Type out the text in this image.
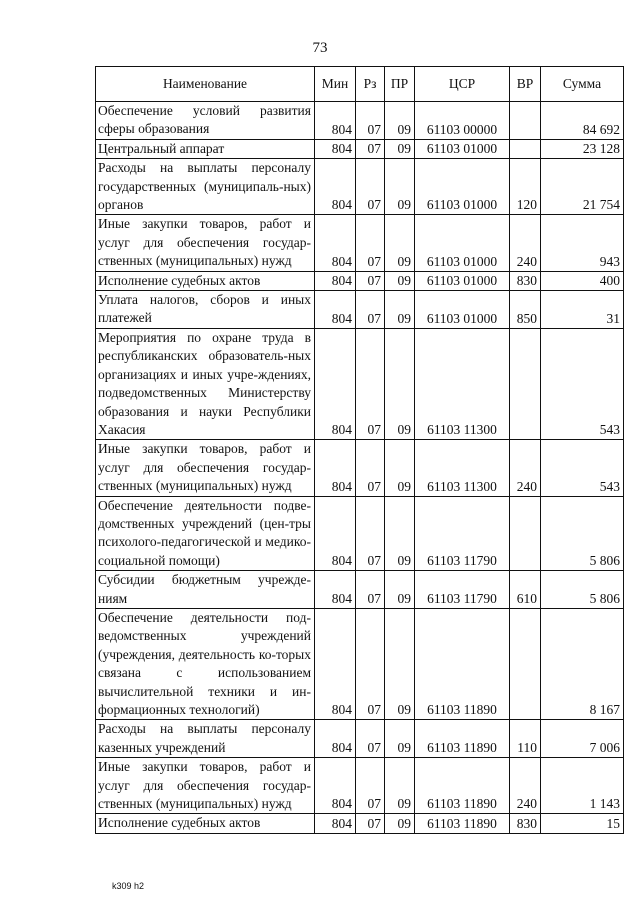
73
Наименование	Мин	Рз	ПР	ЦСР	ВР	Сумма
Обеспечение условий развития сферы образования	804	07	09	61103 00000		84 692
Центральный аппарат	804	07	09	61103 01000		23 128
Расходы на выплаты персоналу государственных (муниципаль-ных) органов	804	07	09	61103 01000	120	21 754
Иные закупки товаров, работ и услуг для обеспечения государ-ственных (муниципальных) нужд	804	07	09	61103 01000	240	943
Исполнение судебных актов	804	07	09	61103 01000	830	400
Уплата налогов, сборов и иных платежей	804	07	09	61103 01000	850	31
Мероприятия по охране труда в республиканских образователь-ных организациях и иных учре-ждениях, подведомственных Министерству образования и науки Республики Хакасия	804	07	09	61103 11300		543
Иные закупки товаров, работ и услуг для обеспечения государ-ственных (муниципальных) нужд	804	07	09	61103 11300	240	543
Обеспечение деятельности подве-домственных учреждений (цен-тры психолого-педагогической и медико-социальной помощи)	804	07	09	61103 11790		5 806
Субсидии бюджетным учрежде-ниям	804	07	09	61103 11790	610	5 806
Обеспечение деятельности под-ведомственных учреждений (учреждения, деятельность ко-торых связана с использованием вычислительной техники и ин-формационных технологий)	804	07	09	61103 11890		8 167
Расходы на выплаты персоналу казенных учреждений	804	07	09	61103 11890	110	7 006
Иные закупки товаров, работ и услуг для обеспечения государ-ственных (муниципальных) нужд	804	07	09	61103 11890	240	1 143
Исполнение судебных актов	804	07	09	61103 11890	830	15
k309 h2
